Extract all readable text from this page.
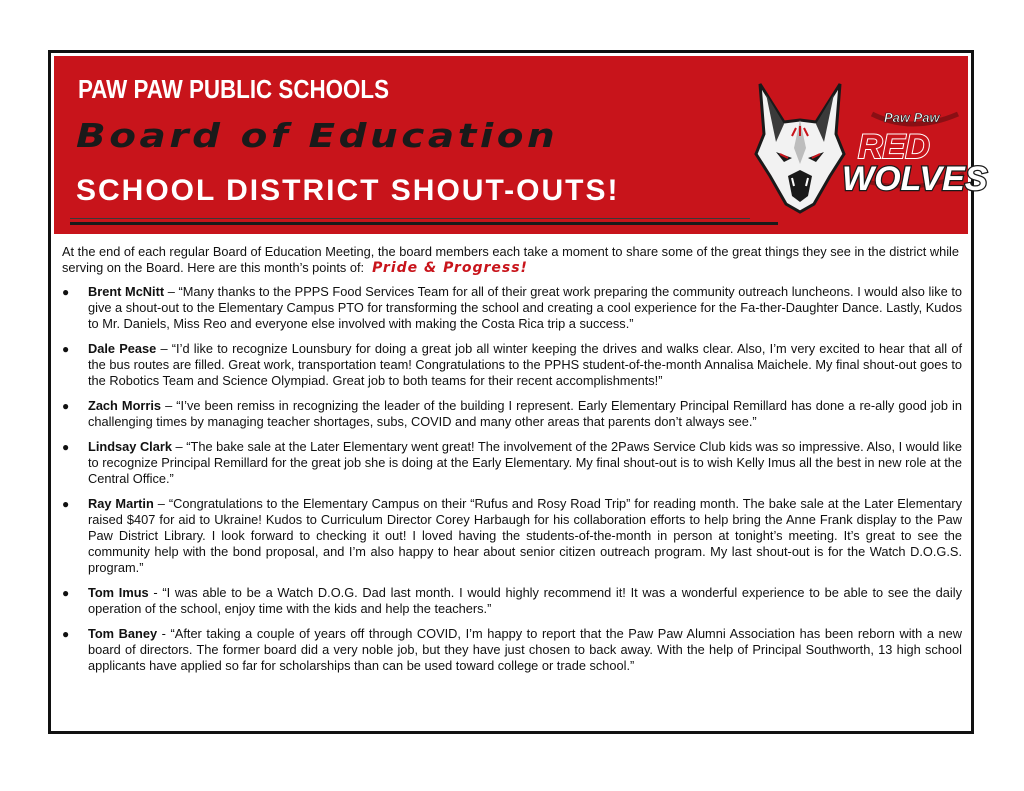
PAW PAW PUBLIC SCHOOLS
Board of Education
SCHOOL DISTRICT SHOUT-OUTS!
Paw Paw
RED
WOLVES

At the end of each regular Board of Education Meeting, the board members each take a moment to share some of the great things they see in the district while serving on the Board. Here are this month’s points of: Pride & Progress!

● Brent McNitt – “Many thanks to the PPPS Food Services Team for all of their great work preparing the community outreach luncheons. I would also like to give a shout-out to the Elementary Campus PTO for transforming the school and creating a cool experience for the Fa-ther-Daughter Dance. Lastly, Kudos to Mr. Daniels, Miss Reo and everyone else involved with making the Costa Rica trip a success.”
● Dale Pease – “I’d like to recognize Lounsbury for doing a great job all winter keeping the drives and walks clear. Also, I’m very excited to hear that all of the bus routes are filled. Great work, transportation team! Congratulations to the PPHS student-of-the-month Annalisa Maichele. My final shout-out goes to the Robotics Team and Science Olympiad. Great job to both teams for their recent accomplishments!”
● Zach Morris – “I’ve been remiss in recognizing the leader of the building I represent. Early Elementary Principal Remillard has done a re-ally good job in challenging times by managing teacher shortages, subs, COVID and many other areas that parents don’t always see.”
● Lindsay Clark – “The bake sale at the Later Elementary went great! The involvement of the 2Paws Service Club kids was so impressive. Also, I would like to recognize Principal Remillard for the great job she is doing at the Early Elementary. My final shout-out is to wish Kelly Imus all the best in new role at the Central Office.”
● Ray Martin – “Congratulations to the Elementary Campus on their “Rufus and Rosy Road Trip” for reading month. The bake sale at the Later Elementary raised $407 for aid to Ukraine! Kudos to Curriculum Director Corey Harbaugh for his collaboration efforts to help bring the Anne Frank display to the Paw Paw District Library. I look forward to checking it out! I loved having the students-of-the-month in person at tonight’s meeting. It’s great to see the community help with the bond proposal, and I’m also happy to hear about senior citizen outreach program. My last shout-out is for the Watch D.O.G.S. program.”
● Tom Imus - “I was able to be a Watch D.O.G. Dad last month. I would highly recommend it! It was a wonderful experience to be able to see the daily operation of the school, enjoy time with the kids and help the teachers.”
● Tom Baney - “After taking a couple of years off through COVID, I’m happy to report that the Paw Paw Alumni Association has been reborn with a new board of directors. The former board did a very noble job, but they have just chosen to back away. With the help of Principal Southworth, 13 high school applicants have applied so far for scholarships than can be used toward college or trade school.”
